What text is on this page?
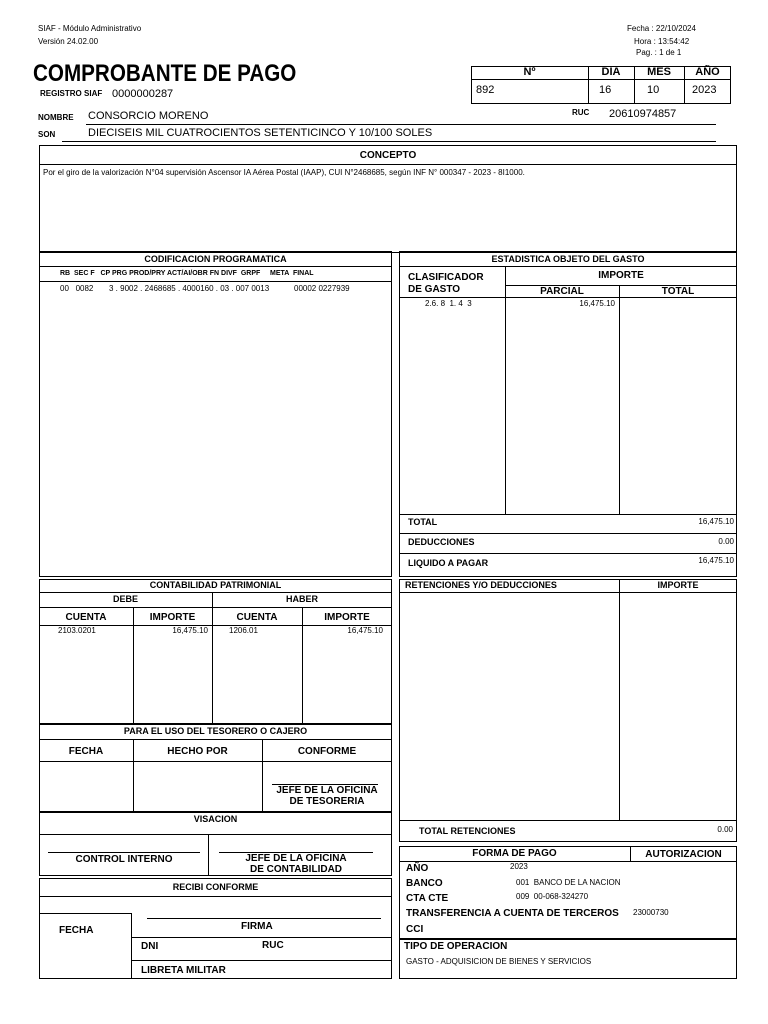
SIAF - Módulo Administrativo
Versión 24.02.00
Fecha : 22/10/2024
Hora : 13:54:42
Pag. : 1 de 1
COMPROBANTE DE PAGO
REGISTRO SIAF 0000000287
Nº	DIA	MES	AÑO
892	16	10	2023
NOMBRE CONSORCIO MORENO	RUC 20610974857
SON	DIECISEIS MIL CUATROCIENTOS SETENTICINCO Y 10/100 SOLES
CONCEPTO
Por el giro de la valorización N°04 supervisión Ascensor IA Aérea Postal (IAAP), CUI N°2468685, según INF N° 000347 - 2023 - 8I1000.
CODIFICACION PROGRAMATICA
RB  SEC F   CP PRG PROD/PRY ACT/AI/OBR FN DIVF  GRPF     META  FINAL
00   0082 3 . 9002 . 2468685 . 4000160 . 03 . 007 0013	00002 0227939
ESTADISTICA OBJETO DEL GASTO
CLASIFICADOR DE GASTO
IMPORTE
PARCIAL	TOTAL
2.6. 8  1. 4  3	16,475.10
TOTAL	16,475.10
DEDUCCIONES	0.00
LIQUIDO A PAGAR	16,475.10
CONTABILIDAD PATRIMONIAL
DEBE	HABER
CUENTA	IMPORTE	CUENTA	IMPORTE
2103.0201	16,475.10	1206.01	16,475.10
RETENCIONES Y/O DEDUCCIONES	IMPORTE
TOTAL RETENCIONES	0.00
PARA EL USO DEL TESORERO O CAJERO
FECHA	HECHO POR	CONFORME
JEFE DE LA OFICINA
DE TESORERIA
VISACION
CONTROL INTERNO	JEFE DE LA OFICINA
DE CONTABILIDAD
RECIBI CONFORME
FECHA	FIRMA
DNI	RUC
LIBRETA MILITAR
FORMA DE PAGO	AUTORIZACION
AÑO	2023
BANCO	001  BANCO DE LA NACION
CTA CTE	009  00-068-324270
TRANSFERENCIA A CUENTA DE TERCEROS 23000730
CCI
TIPO DE OPERACION
GASTO - ADQUISICION DE BIENES Y SERVICIOS
